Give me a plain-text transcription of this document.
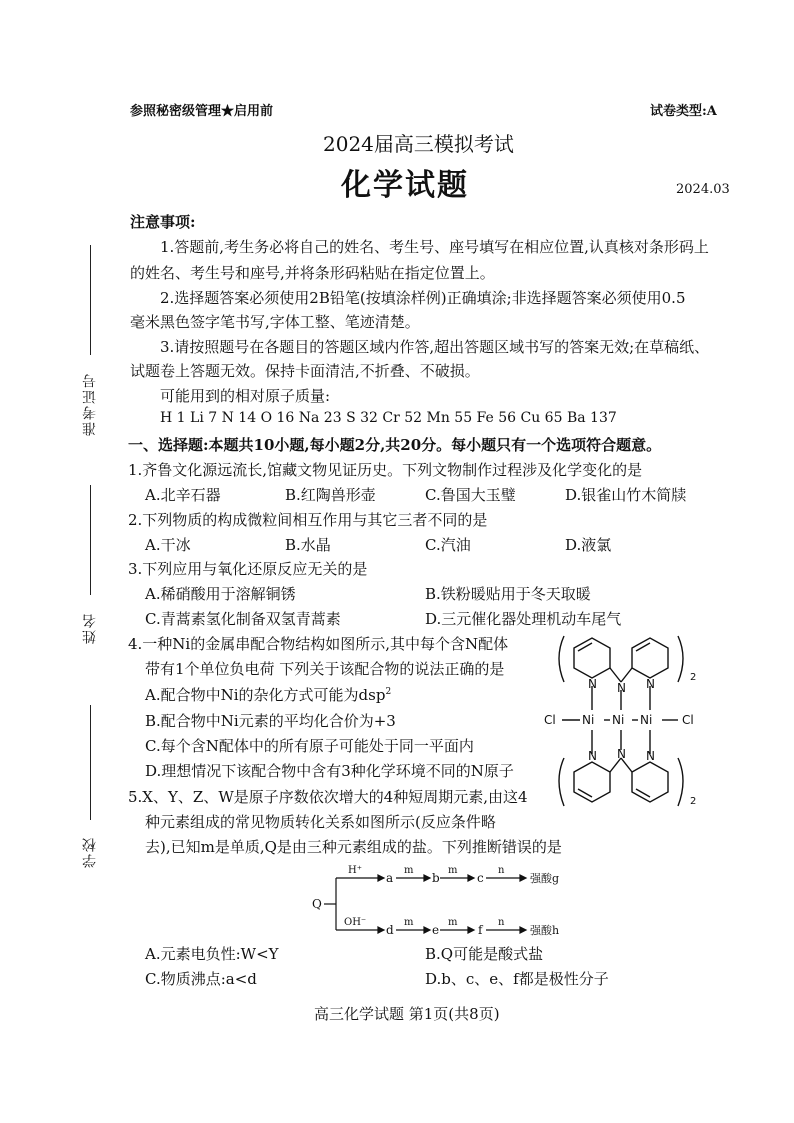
参照秘密级管理★启用前	试卷类型:A
2024届高三模拟考试
化学试题	2024.03
准考证号
姓名
学校
注意事项:
1.答题前,考生务必将自己的姓名、考生号、座号填写在相应位置,认真核对条形码上
的姓名、考生号和座号,并将条形码粘贴在指定位置上。
2.选择题答案必须使用2B铅笔(按填涂样例)正确填涂;非选择题答案必须使用0.5
毫米黑色签字笔书写,字体工整、笔迹清楚。
3.请按照题号在各题目的答题区域内作答,超出答题区域书写的答案无效;在草稿纸、
试题卷上答题无效。保持卡面清洁,不折叠、不破损。
可能用到的相对原子质量:
H 1 Li 7 N 14 O 16 Na 23 S 32 Cr 52 Mn 55 Fe 56 Cu 65 Ba 137
一、选择题:本题共10小题,每小题2分,共20分。每小题只有一个选项符合题意。
1.齐鲁文化源远流长,馆藏文物见证历史。下列文物制作过程涉及化学变化的是
A.北辛石器	B.红陶兽形壶	C.鲁国大玉璧	D.银雀山竹木简牍
2.下列物质的构成微粒间相互作用与其它三者不同的是
A.干冰	B.水晶	C.汽油	D.液氯
3.下列应用与氧化还原反应无关的是
A.稀硝酸用于溶解铜锈	B.铁粉暖贴用于冬天取暖
C.青蒿素氢化制备双氢青蒿素	D.三元催化器处理机动车尾气
4.一种Ni的金属串配合物结构如图所示,其中每个含N配体
带有1个单位负电荷 下列关于该配合物的说法正确的是
A.配合物中Ni的杂化方式可能为dsp$^2$
B.配合物中Ni元素的平均化合价为+3
C.每个含N配体中的所有原子可能处于同一平面内
D.理想情况下该配合物中含有3种化学环境不同的N原子
N N N
N N N
Cl Ni Ni Ni Cl
2
2
5.X、Y、Z、W是原子序数依次增大的4种短周期元素,由这4
种元素组成的常见物质转化关系如图所示(反应条件略
去),已知m是单质,Q是由三种元素组成的盐。下列推断错误的是
Q
H⁺
OH⁻
a	b	c
d	e	f
m	m	n
m	m	n
强酸g
强酸h
A.元素电负性:W<Y	B.Q可能是酸式盐
C.物质沸点:a<d	D.b、c、e、f都是极性分子
高三化学试题 第1页(共8页)
